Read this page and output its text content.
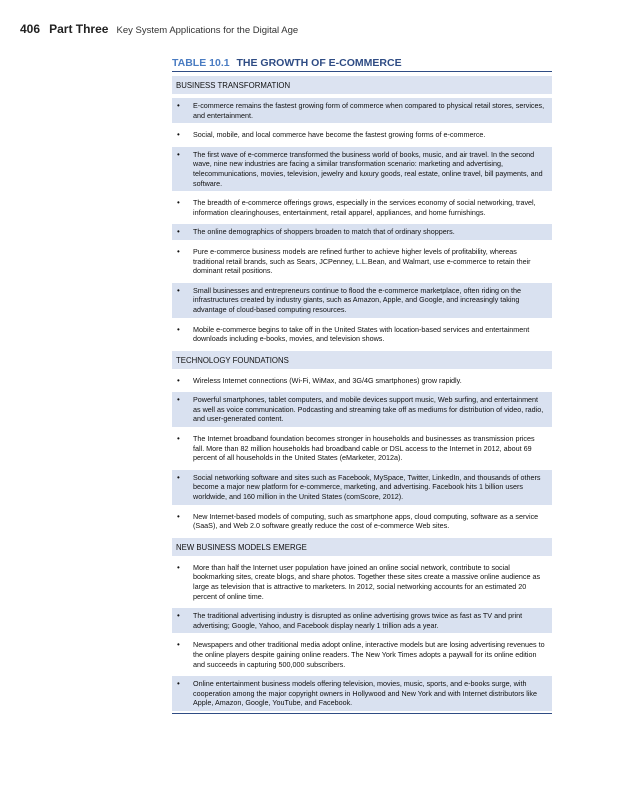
406 Part Three Key System Applications for the Digital Age
TABLE 10.1 THE GROWTH OF E-COMMERCE
BUSINESS TRANSFORMATION
• E-commerce remains the fastest growing form of commerce when compared to physical retail stores, services, and entertainment.
• Social, mobile, and local commerce have become the fastest growing forms of e-commerce.
• The first wave of e-commerce transformed the business world of books, music, and air travel. In the second wave, nine new industries are facing a similar transformation scenario: marketing and advertising, telecommunications, movies, television, jewelry and luxury goods, real estate, online travel, bill payments, and software.
• The breadth of e-commerce offerings grows, especially in the services economy of social networking, travel, information clearinghouses, entertainment, retail apparel, appliances, and home furnishings.
• The online demographics of shoppers broaden to match that of ordinary shoppers.
• Pure e-commerce business models are refined further to achieve higher levels of profitability, whereas traditional retail brands, such as Sears, JCPenney, L.L.Bean, and Walmart, use e-commerce to retain their dominant retail positions.
• Small businesses and entrepreneurs continue to flood the e-commerce marketplace, often riding on the infrastructures created by industry giants, such as Amazon, Apple, and Google, and increasingly taking advantage of cloud-based computing resources.
• Mobile e-commerce begins to take off in the United States with location-based services and entertainment downloads including e-books, movies, and television shows.
TECHNOLOGY FOUNDATIONS
• Wireless Internet connections (Wi-Fi, WiMax, and 3G/4G smartphones) grow rapidly.
• Powerful smartphones, tablet computers, and mobile devices support music, Web surfing, and entertainment as well as voice communication. Podcasting and streaming take off as mediums for distribution of video, radio, and user-generated content.
• The Internet broadband foundation becomes stronger in households and businesses as transmission prices fall. More than 82 million households had broadband cable or DSL access to the Internet in 2012, about 69 percent of all households in the United States (eMarketer, 2012a).
• Social networking software and sites such as Facebook, MySpace, Twitter, LinkedIn, and thousands of others become a major new platform for e-commerce, marketing, and advertising. Facebook hits 1 billion users worldwide, and 160 million in the United States (comScore, 2012).
• New Internet-based models of computing, such as smartphone apps, cloud computing, software as a service (SaaS), and Web 2.0 software greatly reduce the cost of e-commerce Web sites.
NEW BUSINESS MODELS EMERGE
• More than half the Internet user population have joined an online social network, contribute to social bookmarking sites, create blogs, and share photos. Together these sites create a massive online audience as large as television that is attractive to marketers. In 2012, social networking accounts for an estimated 20 percent of online time.
• The traditional advertising industry is disrupted as online advertising grows twice as fast as TV and print advertising; Google, Yahoo, and Facebook display nearly 1 trillion ads a year.
• Newspapers and other traditional media adopt online, interactive models but are losing advertising revenues to the online players despite gaining online readers. The New York Times adopts a paywall for its online edition and succeeds in capturing 500,000 subscribers.
• Online entertainment business models offering television, movies, music, sports, and e-books surge, with cooperation among the major copyright owners in Hollywood and New York and with Internet distributors like Apple, Amazon, Google, YouTube, and Facebook.
